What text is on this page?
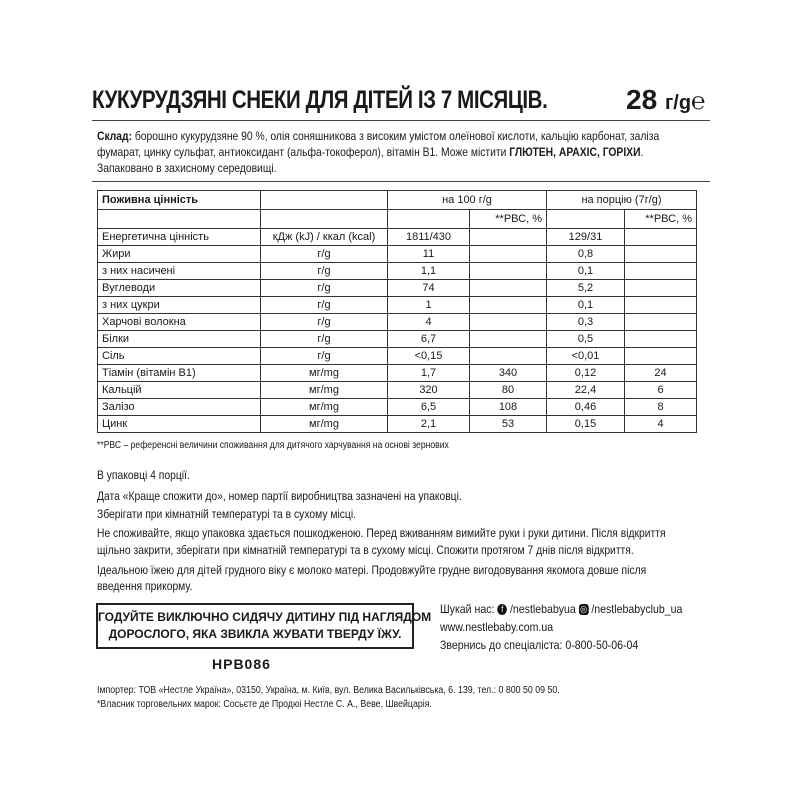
КУКУРУДЗЯНІ СНЕКИ ДЛЯ ДІТЕЙ ІЗ 7 МІСЯЦІВ.	28 г/g℮
Склад: борошно кукурудзяне 90 %, олія соняшникова з високим умістом олеїнової кислоти, кальцію карбонат, заліза
фумарат, цинку сульфат, антиоксидант (альфа-токоферол), вітамін В1. Може містити ГЛЮТЕН, АРАХІС, ГОРІХИ.
Запаковано в захисному середовищі.
Поживна цінність		на 100 г/g		на порцію (7г/g)	
			**РВС, %		**РВС, %
Енергетична цінність	кДж (kJ) / ккал (kcal)	1811/430		129/31	
Жири	г/g	11		0,8	
з них насичені	г/g	1,1		0,1	
Вуглеводи	г/g	74		5,2	
з них цукри	г/g	1		0,1	
Харчові волокна	г/g	4		0,3	
Білки	г/g	6,7		0,5	
Сіль	г/g	<0,15		<0,01	
Тіамін (вітамін В1)	мг/mg	1,7	340	0,12	24
Кальцій	мг/mg	320	80	22,4	6
Залізо	мг/mg	6,5	108	0,46	8
Цинк	мг/mg	2,1	53	0,15	4
**РВС – референсні величини споживання для дитячого харчування на основі зернових
В упаковці 4 порції.
Дата «Краще спожити до», номер партії виробництва зазначені на упаковці.
Зберігати при кімнатній температурі та в сухому місці.
Не споживайте, якщо упаковка здається пошкодженою. Перед вживанням вимийте руки і руки дитини. Після відкриття
щільно закрити, зберігати при кімнатній температурі та в сухому місці. Спожити протягом 7 днів після відкриття.
Ідеальною їжею для дітей грудного віку є молоко матері. Продовжуйте грудне вигодовування якомога довше після
введення прикорму.
ГОДУЙТЕ ВИКЛЮЧНО СИДЯЧУ ДИТИНУ ПІД НАГЛЯДОМ
ДОРОСЛОГО, ЯКА ЗВИКЛА ЖУВАТИ ТВЕРДУ ЇЖУ.
HPB086
Шукай нас: f /nestlebabyua ◎ /nestlebabyclub_ua
www.nestlebaby.com.ua
Звернись до спеціаліста: 0-800-50-06-04
Імпортер: ТОВ «Нестле Україна», 03150, Україна, м. Київ, вул. Велика Васильківська, 6. 139, тел.: 0 800 50 09 50.
*Власник торговельних марок: Сосьєте де Продюі Нестле С. А., Веве, Швейцарія.
